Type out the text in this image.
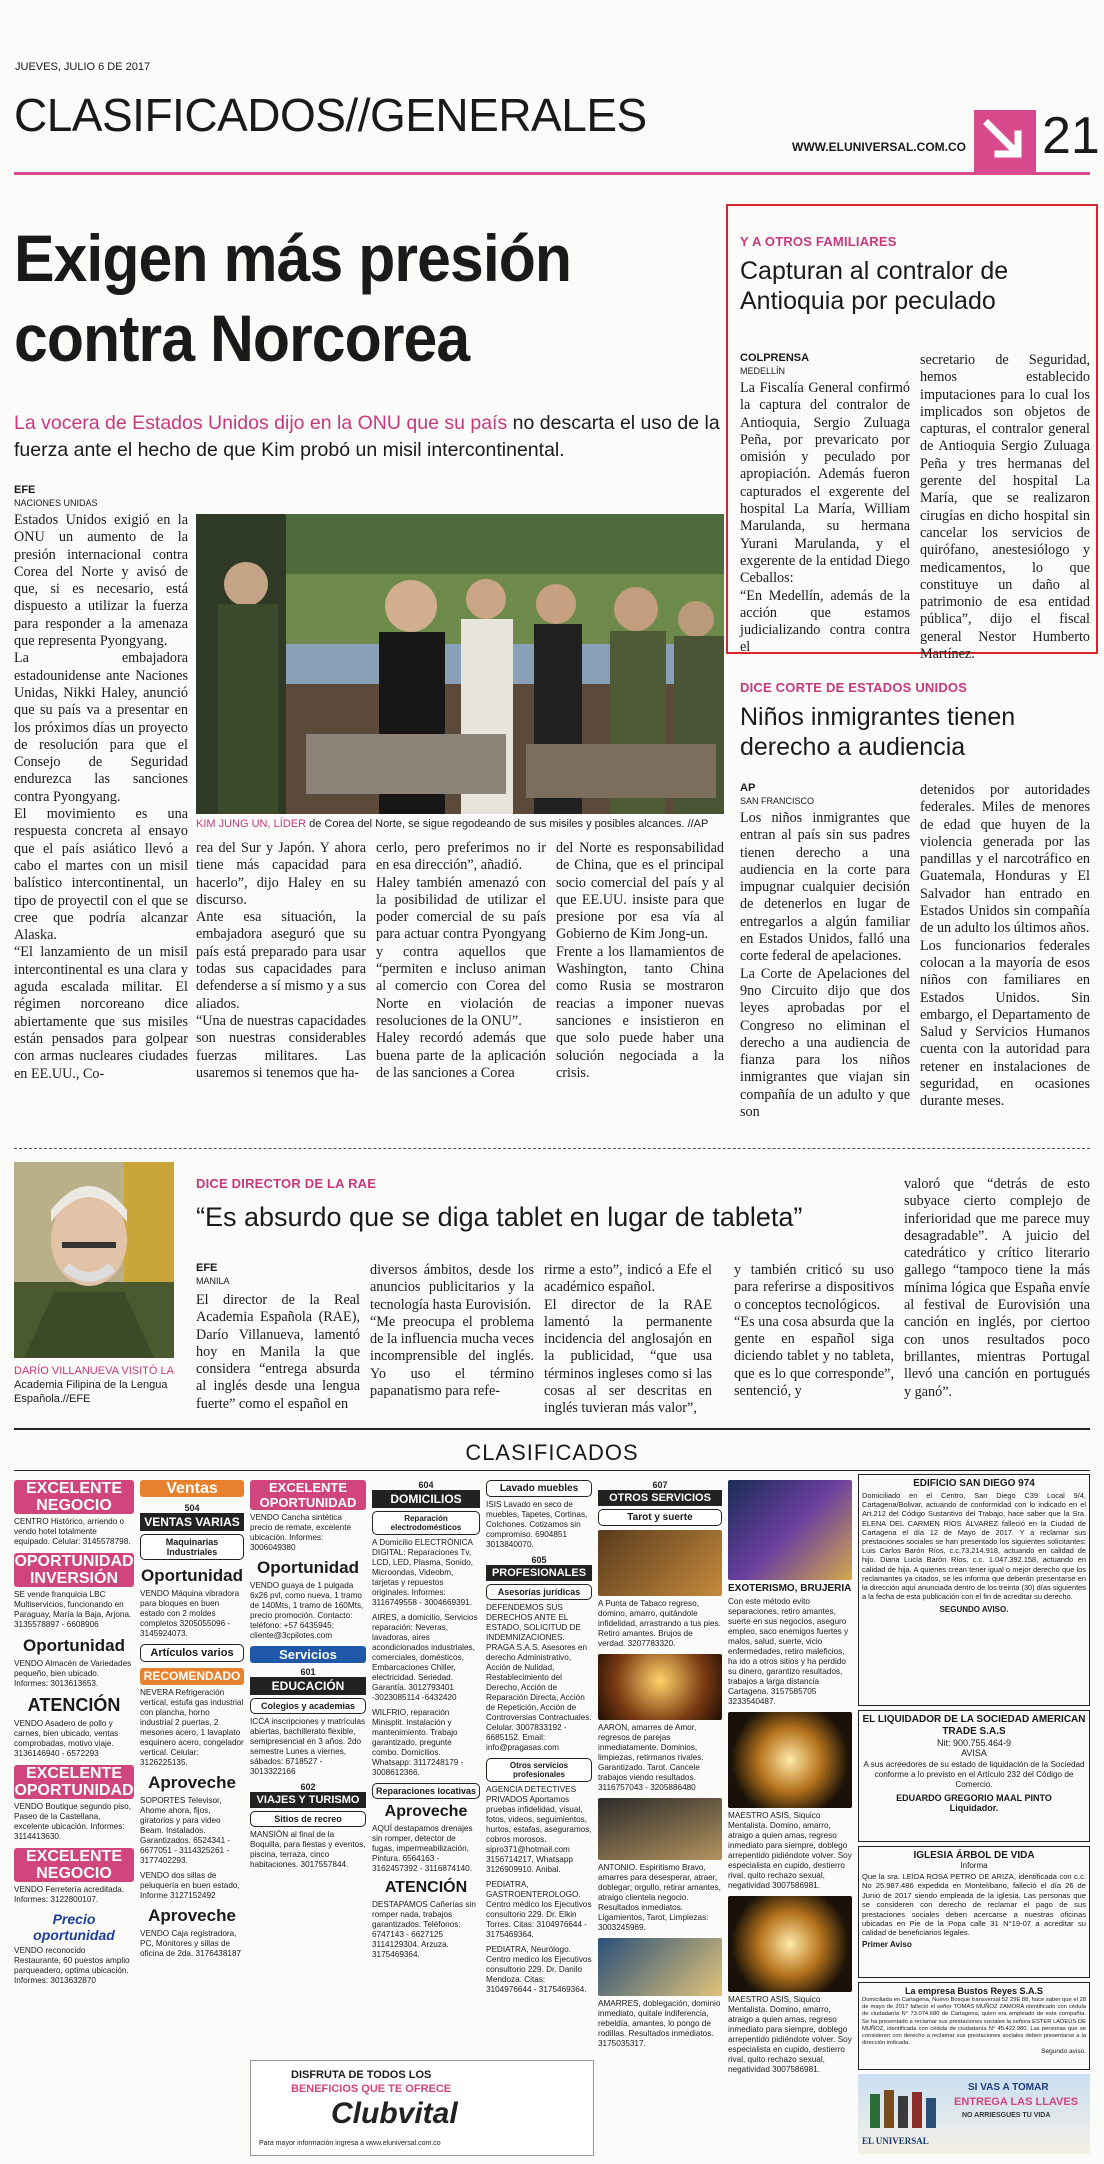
JUEVES, JULIO 6 DE 2017
CLASIFICADOS//GENERALES
WWW.ELUNIVERSAL.COM.CO 21
Exigen más presión
contra Norcorea
La vocera de Estados Unidos dijo en la ONU que su país no descarta el uso de la fuerza ante el hecho de que Kim probó un misil intercontinental.
EFE
NACIONES UNIDAS
Estados Unidos exigió en la ONU un aumento de la presión internacional contra Corea del Norte y avisó de que, si es necesario, está dispuesto a utilizar la fuerza para responder a la amenaza que representa Pyongyang.
La embajadora estadounidense ante Naciones Unidas, Nikki Haley, anunció que su país va a presentar en los próximos días un proyecto de resolución para que el Consejo de Seguridad endurezca las sanciones contra Pyongyang.
El movimiento es una respuesta concreta al ensayo que el país asiático llevó a cabo el martes con un misil balístico intercontinental, un tipo de proyectil con el que se cree que podría alcanzar Alaska.
“El lanzamiento de un misil intercontinental es una clara y aguda escalada militar. El régimen norcoreano dice abiertamente que sus misiles están pensados para golpear con armas nucleares ciudades en EE.UU., Co-
KIM JUNG UN, LÍDER de Corea del Norte, se sigue regodeando de sus misiles y posibles alcances. //AP
rea del Sur y Japón. Y ahora tiene más capacidad para hacerlo”, dijo Haley en su discurso.
Ante esa situación, la embajadora aseguró que su país está preparado para usar todas sus capacidades para defenderse a sí mismo y a sus aliados.
“Una de nuestras capacidades son nuestras considerables fuerzas militares. Las usaremos si tenemos que ha-
cerlo, pero preferimos no ir en esa dirección”, añadió.
Haley también amenazó con la posibilidad de utilizar el poder comercial de su país para actuar contra Pyongyang y contra aquellos que “permiten e incluso animan al comercio con Corea del Norte en violación de resoluciones de la ONU”.
Haley recordó además que buena parte de la aplicación de las sanciones a Corea
del Norte es responsabilidad de China, que es el principal socio comercial del país y al que EE.UU. insiste para que presione por esa vía al Gobierno de Kim Jong-un.
Frente a los llamamientos de Washington, tanto China como Rusia se mostraron reacias a imponer nuevas sanciones e insistieron en que solo puede haber una solución negociada a la crisis.
Y A OTROS FAMILIARES
Capturan al contralor de Antioquia por peculado
COLPRENSA
MEDELLÍN
La Fiscalía General confirmó la captura del contralor de Antioquia, Sergio Zuluaga Peña, por prevaricato por omisión y peculado por apropiación. Además fueron capturados el exgerente del hospital La María, William Marulanda, su hermana Yurani Marulanda, y el exgerente de la entidad Diego Ceballos:
“En Medellín, además de la acción que estamos judicializando contra contra el
secretario de Seguridad, hemos establecido imputaciones para lo cual los implicados son objetos de capturas, el contralor general de Antioquia Sergio Zuluaga Peña y tres hermanas del gerente del hospital La María, que se realizaron cirugías en dicho hospital sin cancelar los servicios de quirófano, anestesiólogo y medicamentos, lo que constituye un daño al patrimonio de esa entidad pública”, dijo el fiscal general Nestor Humberto Martínez.
DICE CORTE DE ESTADOS UNIDOS
Niños inmigrantes tienen derecho a audiencia
AP
SAN FRANCISCO
Los niños inmigrantes que entran al país sin sus padres tienen derecho a una audiencia en la corte para impugnar cualquier decisión de detenerlos en lugar de entregarlos a algún familiar en Estados Unidos, falló una corte federal de apelaciones.
La Corte de Apelaciones del 9no Circuito dijo que dos leyes aprobadas por el Congreso no eliminan el derecho a una audiencia de fianza para los niños inmigrantes que viajan sin compañía de un adulto y que son
detenidos por autoridades federales. Miles de menores de edad que huyen de la violencia generada por las pandillas y el narcotráfico en Guatemala, Honduras y El Salvador han entrado en Estados Unidos sin compañía de un adulto los últimos años.
Los funcionarios federales colocan a la mayoría de esos niños con familiares en Estados Unidos. Sin embargo, el Departamento de Salud y Servicios Humanos cuenta con la autoridad para retener en instalaciones de seguridad, en ocasiones durante meses.
DARÍO VILLANUEVA VISITÓ LA Academia Filipina de la Lengua Española.//EFE
DICE DIRECTOR DE LA RAE
“Es absurdo que se diga tablet en lugar de tableta”
EFE
MANILA
El director de la Real Academia Española (RAE), Darío Villanueva, lamentó hoy en Manila la que considera “entrega absurda al inglés desde una lengua fuerte” como el español en
diversos ámbitos, desde los anuncios publicitarios y la tecnología hasta Eurovisión.
“Me preocupa el problema de la influencia mucha veces incomprensible del inglés. Yo uso el término papanatismo para refe-
rirme a esto”, indicó a Efe el académico español.
El director de la RAE lamentó la permanente incidencia del anglosajón en la publicidad, “que usa términos ingleses como si las cosas al ser descritas en inglés tuvieran más valor”,
y también criticó su uso para referirse a dispositivos o conceptos tecnológicos.
“Es una cosa absurda que la gente en español siga diciendo tablet y no tableta, que es lo que corresponde”, sentenció, y
valoró que “detrás de esto subyace cierto complejo de inferioridad que me parece muy desagradable”. A juicio del catedrático y crítico literario gallego “tampoco tiene la más mínima lógica que España envíe al festival de Eurovisión una canción en inglés, por ciertoo con unos resultados poco brillantes, mientras Portugal llevó una canción en portugués y ganó”.
CLASIFICADOS
EXCELENTE NEGOCIO
CENTRO Histórico, arriendo o vendo hotel totalmente equipado. Celular: 3145578798.
OPORTUNIDAD INVERSIÓN
SE vende franquicia LBC Multiservicios, funcionando en Paraguay, María la Baja, Arjona. 3135578897 - 6608906
Oportunidad
VENDO Almacén de Variedades pequeño, bien ubicado. Informes: 3013613653.
ATENCIÓN
VENDO Asadero de pollo y carnes, bien ubicado, ventas comprobadas, motivo viaje. 3136146940 - 6572293
EXCELENTE OPORTUNIDAD
VENDO Boutique segundo piso, Paseo de la Castellana, excelente ubicación. Informes: 3114413630.
EXCELENTE NEGOCIO
VENDO Ferretería acreditada. Informes: 3122800107.
Precio oportunidad
VENDO reconocido Restaurante, 60 puestos amplio parqueadero, optima ubicación. Informes: 3013632870
Ventas
504
VENTAS VARIAS
Maquinarias Industriales
Oportunidad
VENDO Máquina vibradora para bloques en buen estado con 2 moldes completos 3205055096 - 3145924073.
Artículos varios
RECOMENDADO
NEVERA Refrigeración vertical, estufa gas industrial con plancha, horno industrial 2 puertas, 2 mesones acero, 1 lavaplato esquinero acero, congelador vertical. Celular: 3126225135.
Aproveche
SOPORTES Televisor, Ahome ahora, fijos, giratorios y para video Beam. Instalados. Garantizados. 6524341 - 6677051 - 3114325261 - 3177402293.
VENDO dos sillas de peluquería en buen estado, Informe 3127152492
Aproveche
VENDO Caja registradora, PC, Monitores y sillas de oficina de 2da. 3176438187
EXCELENTE OPORTUNIDAD
VENDO Cancha sintética precio de remate, excelente ubicación. Informes: 3006049380
Oportunidad
VENDO guaya de 1 pulgada 6x26 pvl, como nueva, 1 tramo de 140Mts, 1 tramo de 160Mts, precio promoción. Contacto: teléfono: +57 6435945; cliente@3cpilotes.com
Servicios
601
EDUCACIÓN
Colegios y academias
ICCA inscripciones y matrículas abiertas, bachillerato flexible, semipresencial en 3 años. 2do semestre Lunes a viernes, sábados: 6718527 - 3013322166
602
VIAJES Y TURISMO
Sitios de recreo
MANSIÓN al final de la Boquilla, para fiestas y eventos, piscina, terraza, cinco habitaciones. 3017557844.
604
DOMICILIOS
Reparación electrodomésticos
A Domicilio ELECTRÓNICA DIGITAL: Reparaciones Tv, LCD, LED, Plasma, Sonido, Microondas, Videobm, tarjetas y repuestos originales. Informes: 3116749558 - 3004669391.
AIRES, a domicilio, Servicios reparación: Neveras, lavadoras, aires acondicionados industriales, comerciales, domésticos, Embarcaciones Chiller, electricidad. Seriedad. Garantía. 3012793401 -3023085114 -6432420
WILFRIO, reparación Minisplit. Instalación y mantenimiento. Trabajo garantizado, pregunte combo. Domicilios. Whatsapp: 3117248179 - 3008612366.
Reparaciones locativas
Aproveche
AQUÍ destapamos drenajes sin romper, detector de fugas, impermeabilización, Pintura. 6564163 - 3162457392 - 3116874140.
ATENCIÓN
DESTAPAMOS Cañerías sin romper nada, trabajos garantizados. Teléfonos: 6747143 - 6627125 3114129304. Arzuza. 3175469364.
Lavado muebles
ISIS Lavado en seco de muebles, Tapetes, Cortinas, Colchones. Cotizamos sin compromiso. 6904851 3013840070.
605
PROFESIONALES
Asesorías jurídicas
DEFENDEMOS SUS DERECHOS ANTE EL ESTADO, SOLICITUD DE INDEMNIZACIONES. PRAGA S.A.S. Asesores en derecho Administrativo, Acción de Nulidad, Restablecimiento del Derecho, Acción de Reparación Directa, Acción de Repetición, Acción de Controversias Contractuales. Celular. 3007833192 - 6685152. Email: info@pragasas.com
Otros servicios profesionales
AGENCIA DETECTIVES PRIVADOS Aportamos pruebas infidelidad, visual, fotos, videos, seguimientos, hurtos, estafas, aseguramos, cobros morosos. sipro371@hotmail.com 3156714217, Whatsapp 3126909910. Anibal.
PEDIATRA, GASTROENTEROLOGO. Centro médico los Ejecutivos consultorio 229. Dr. Elkin Torres. Citas: 3104976644 - 3175469364.
PEDIATRA, Neurólogo. Centro medico los Ejecutivos consultorio 229. Dr. Danilo Mendoza. Citas: 3104976644 - 3175469364.
607
OTROS SERVICIOS
Tarot y suerte
A Punta de Tabaco regreso, domino, amarro, quitándole infidelidad, arrastrando a tus pies. Retiro amantes. Brujos de verdad. 3207783320.
AARON, amarres de Amor, regresos de parejas inmediatamente. Dominios, limpiezas, retirmanos rivales. Garantizado. Tarot. Cancele trabajos viendo resultados. 3116757043 - 3205886480
ANTONIO. Espiritismo Bravo, amarres para desesperar, atraer, doblegar; orgullo, retirar amantes, atraigo clientela negocio. Resultados inmediatos. Ligamientos, Tarot, Limpiezas: 3003245969.
AMARRES, doblegación, dominio inmediato, quitale indiferencia, rebeldía, amantes, lo pongo de rodillas. Resultados inmediatos. 3175035317.
EXOTERISMO, BRUJERIA
Con este método evito separaciones, retiro amantes, suerte en sus negocios, aseguro empleo, saco enemigos fuertes y malos, salud, suerte, vicio enfermedades, retiro maleficios, ha ido a otros sitios y ha perdido su dinero, garantizo resultados, trabajos a larga distancia Cartagena. 3157585705 3233540487.
MAESTRO ASIS, Siquico Mentalista. Domino, amarro, atraigo a quien amas, regreso inmediato para siempre, doblego arrepentido pidiéndote volver. Soy especialista en cupido, destierro rival, quito rechazo sexual, negatividad 3007586981.
MAESTRO ASIS, Siquico Mentalista. Domino, amarro, atraigo a quien amas, regreso inmediato para siempre, doblego arrepentido pidiéndote volver. Soy especialista en cupido, destierro rival, quito rechazo sexual, negatividad 3007586981.
EDIFICIO SAN DIEGO 974
Domiciliado en el Centro, San Diego C39 Local 9/4, Cartagena/Bolivar, actuando de conformidad con lo indicado en el Art.212 del Código Sustantivo del Trabajo, hace saber que la Sra. ELENA DEL CARMEN RÍOS ÁLVAREZ falleció en la Ciudad de Cartagena el día 12 de Mayo de 2017. Y a reclamar sus prestaciones sociales se han presentado los siguientes solicitantes: Luis Carlos Barón Ríos, c.c.73.214.918, actuando en calidad de hijo. Diana Lucía Barón Ríos, c.c. 1.047.392.158, actuando en calidad de hija. A quienes crean tener igual o mejor derecho que los reclamantes ya citados, se les informa que deberán presentarse en la dirección aquí anunciada dentro de los treinta (30) días siguientes a la fecha de esta publicación con el fin de acreditar su derecho.
SEGUNDO AVISO.
EL LIQUIDADOR DE LA SOCIEDAD AMERICAN TRADE S.A.S
Nit: 900.755.464-9
AVISA
A sus acreedores de su estado de liquidación de la Sociedad conforme a lo previsto en el Artículo 232 del Código de Comercio.
EDUARDO GREGORIO MAAL PINTO
Liquidador.
IGLESIA ÁRBOL DE VIDA
Informa
Que la sra. LEIDA ROSA PETRO DE ARIZA, identificada con c.c. No 25.987.486 expedida en Montelíbano, falleció el día 26 de Junio de 2017 siendo empleada de la iglesia. Las personas que se consideren con derecho de reclamar el pago de sus prestaciones sociales deben acercarse a nuestras oficinas ubicadas en Pie de la Popa calle 31 N°19-07 a acreditar su calidad de beneficiarios legales.
Primer Aviso
La empresa Bustos Reyes S.A.S
Domiciliada en Cartagena, Nuevo Bosque transversal 52 29E 88, hace saber que el 28 de mayo de 2017 falleció el señor TOMAS MUÑOZ ZAMORA identificado con cédula de ciudadanía N° 73.074.680 de Cartagena, quien era empleado de esta compañía. Se ha presentado a reclamar sus prestaciones sociales la señora ESTER LADEUS DE MUÑOZ, identificada con cédula de ciudadanía N° 45.422.980. Las personas que se consideren con derecho a reclamar sus prestaciones sociales deben presentarse a la dirección indicada.
Segundo aviso.
SI VAS A TOMAR
ENTREGA LAS LLAVES
NO ARRIESGUES TU VIDA
EL UNIVERSAL
DISFRUTA DE TODOS LOS
BENEFICIOS QUE TE OFRECE
Clubvital
Para mayor información ingresa a www.eluniversal.com.co
